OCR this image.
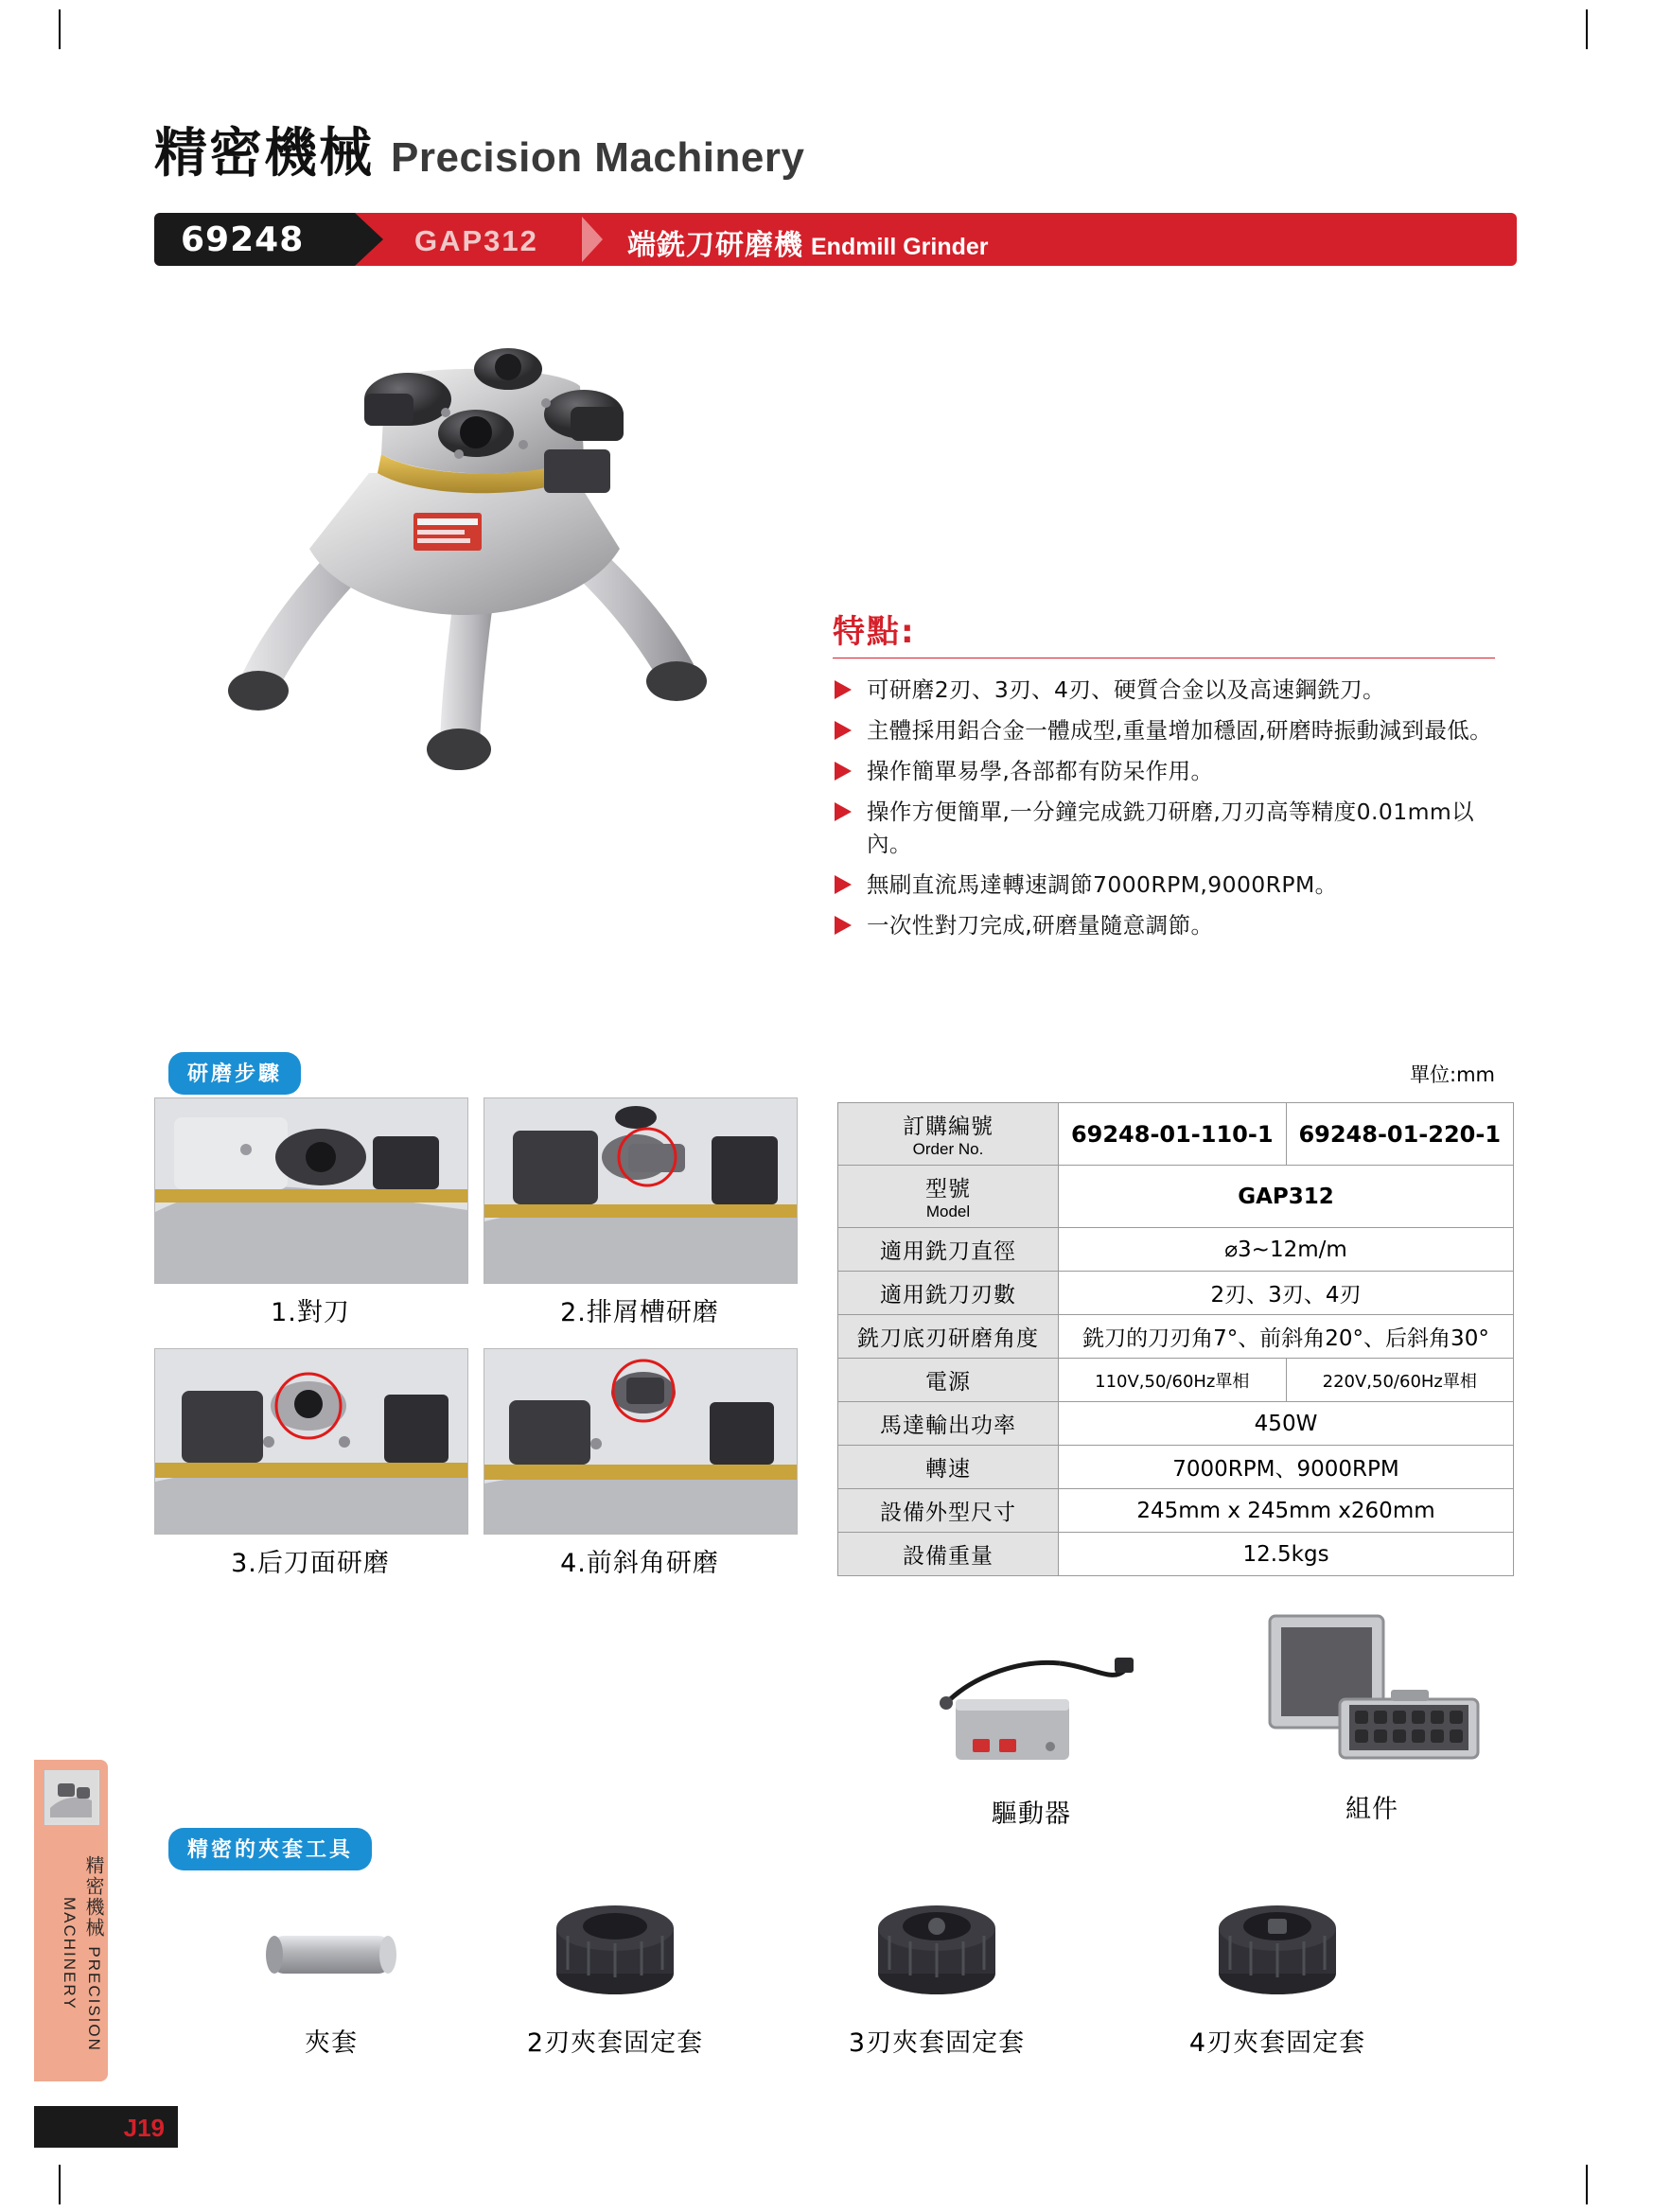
精密機械 Precision Machinery
69248	GAP312	端銑刀研磨機 Endmill Grinder
特點:
可研磨2刃、3刃、4刃、硬質合金以及高速鋼銑刀。
主體採用鋁合金一體成型,重量增加穩固,研磨時振動減到最低。
操作簡單易學,各部都有防呆作用。
操作方便簡單,一分鐘完成銑刀研磨,刀刃高等精度0.01mm以內。
無刷直流馬達轉速調節7000RPM,9000RPM。
一次性對刀完成,研磨量隨意調節。
研磨步驟
1.對刀	2.排屑槽研磨
3.后刀面研磨	4.前斜角研磨
單位:mm
訂購編號
Order No.	69248-01-110-1	69248-01-220-1
型號
Model	GAP312	
適用銑刀直徑	⌀3~12m/m	
適用銑刀刃數	2刃、3刃、4刃	
銑刀底刃研磨角度	銑刀的刀刃角7°、前斜角20°、后斜角30°	
電源	110V,50/60Hz單相	220V,50/60Hz單相
馬達輸出功率	450W	
轉速	7000RPM、9000RPM	
設備外型尺寸	245mm x 245mm x260mm	
設備重量	12.5kgs	
驅動器	組件
精密的夾套工具
夾套	2刃夾套固定套	3刃夾套固定套	4刃夾套固定套
精密機械 PRECISION MACHINERY
J19
